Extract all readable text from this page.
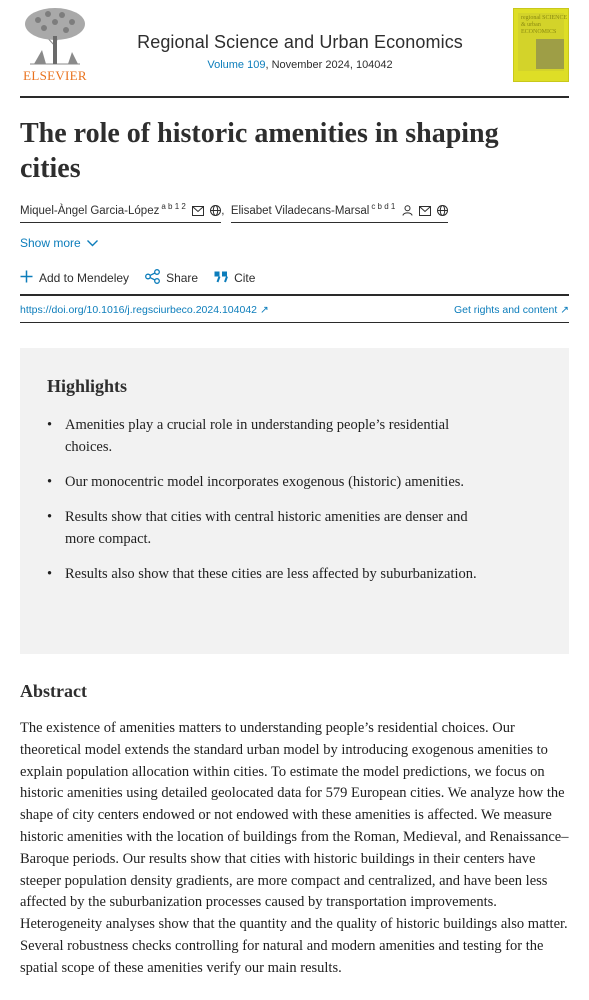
ELSEVIER
Regional Science and Urban Economics
Volume 109, November 2024, 104042
regional SCIENCE & urban ECONOMICS
The role of historic amenities in shaping cities
Miquel-Àngel Garcia-López $^{a b 1 2}$	,  Elisabet Viladecans-Marsal $^{c b d 1}$
Show more
Add to Mendeley	Share	Cite
https://doi.org/10.1016/j.regsciurbeco.2024.104042 ↗	Get rights and content ↗
Highlights
• Amenities play a crucial role in understanding people’s residential choices.
• Our monocentric model incorporates exogenous (historic) amenities.
• Results show that cities with central historic amenities are denser and more compact.
• Results also show that these cities are less affected by suburbanization.
Abstract

The existence of amenities matters to understanding people’s residential choices. Our theoretical model extends the standard urban model by introducing exogenous amenities to explain population allocation within cities. To estimate the model predictions, we focus on historic amenities using detailed geolocated data for 579 European cities. We analyze how the shape of city centers endowed or not endowed with these amenities is affected. We measure historic amenities with the location of buildings from the Roman, Medieval, and Renaissance–Baroque periods. Our results show that cities with historic buildings in their centers have steeper population density gradients, are more compact and centralized, and have been less affected by the suburbanization processes caused by transportation improvements. Heterogeneity analyses show that the quantity and the quality of historic buildings also matter. Several robustness checks controlling for natural and modern amenities and testing for the spatial scope of these amenities verify our main results.
